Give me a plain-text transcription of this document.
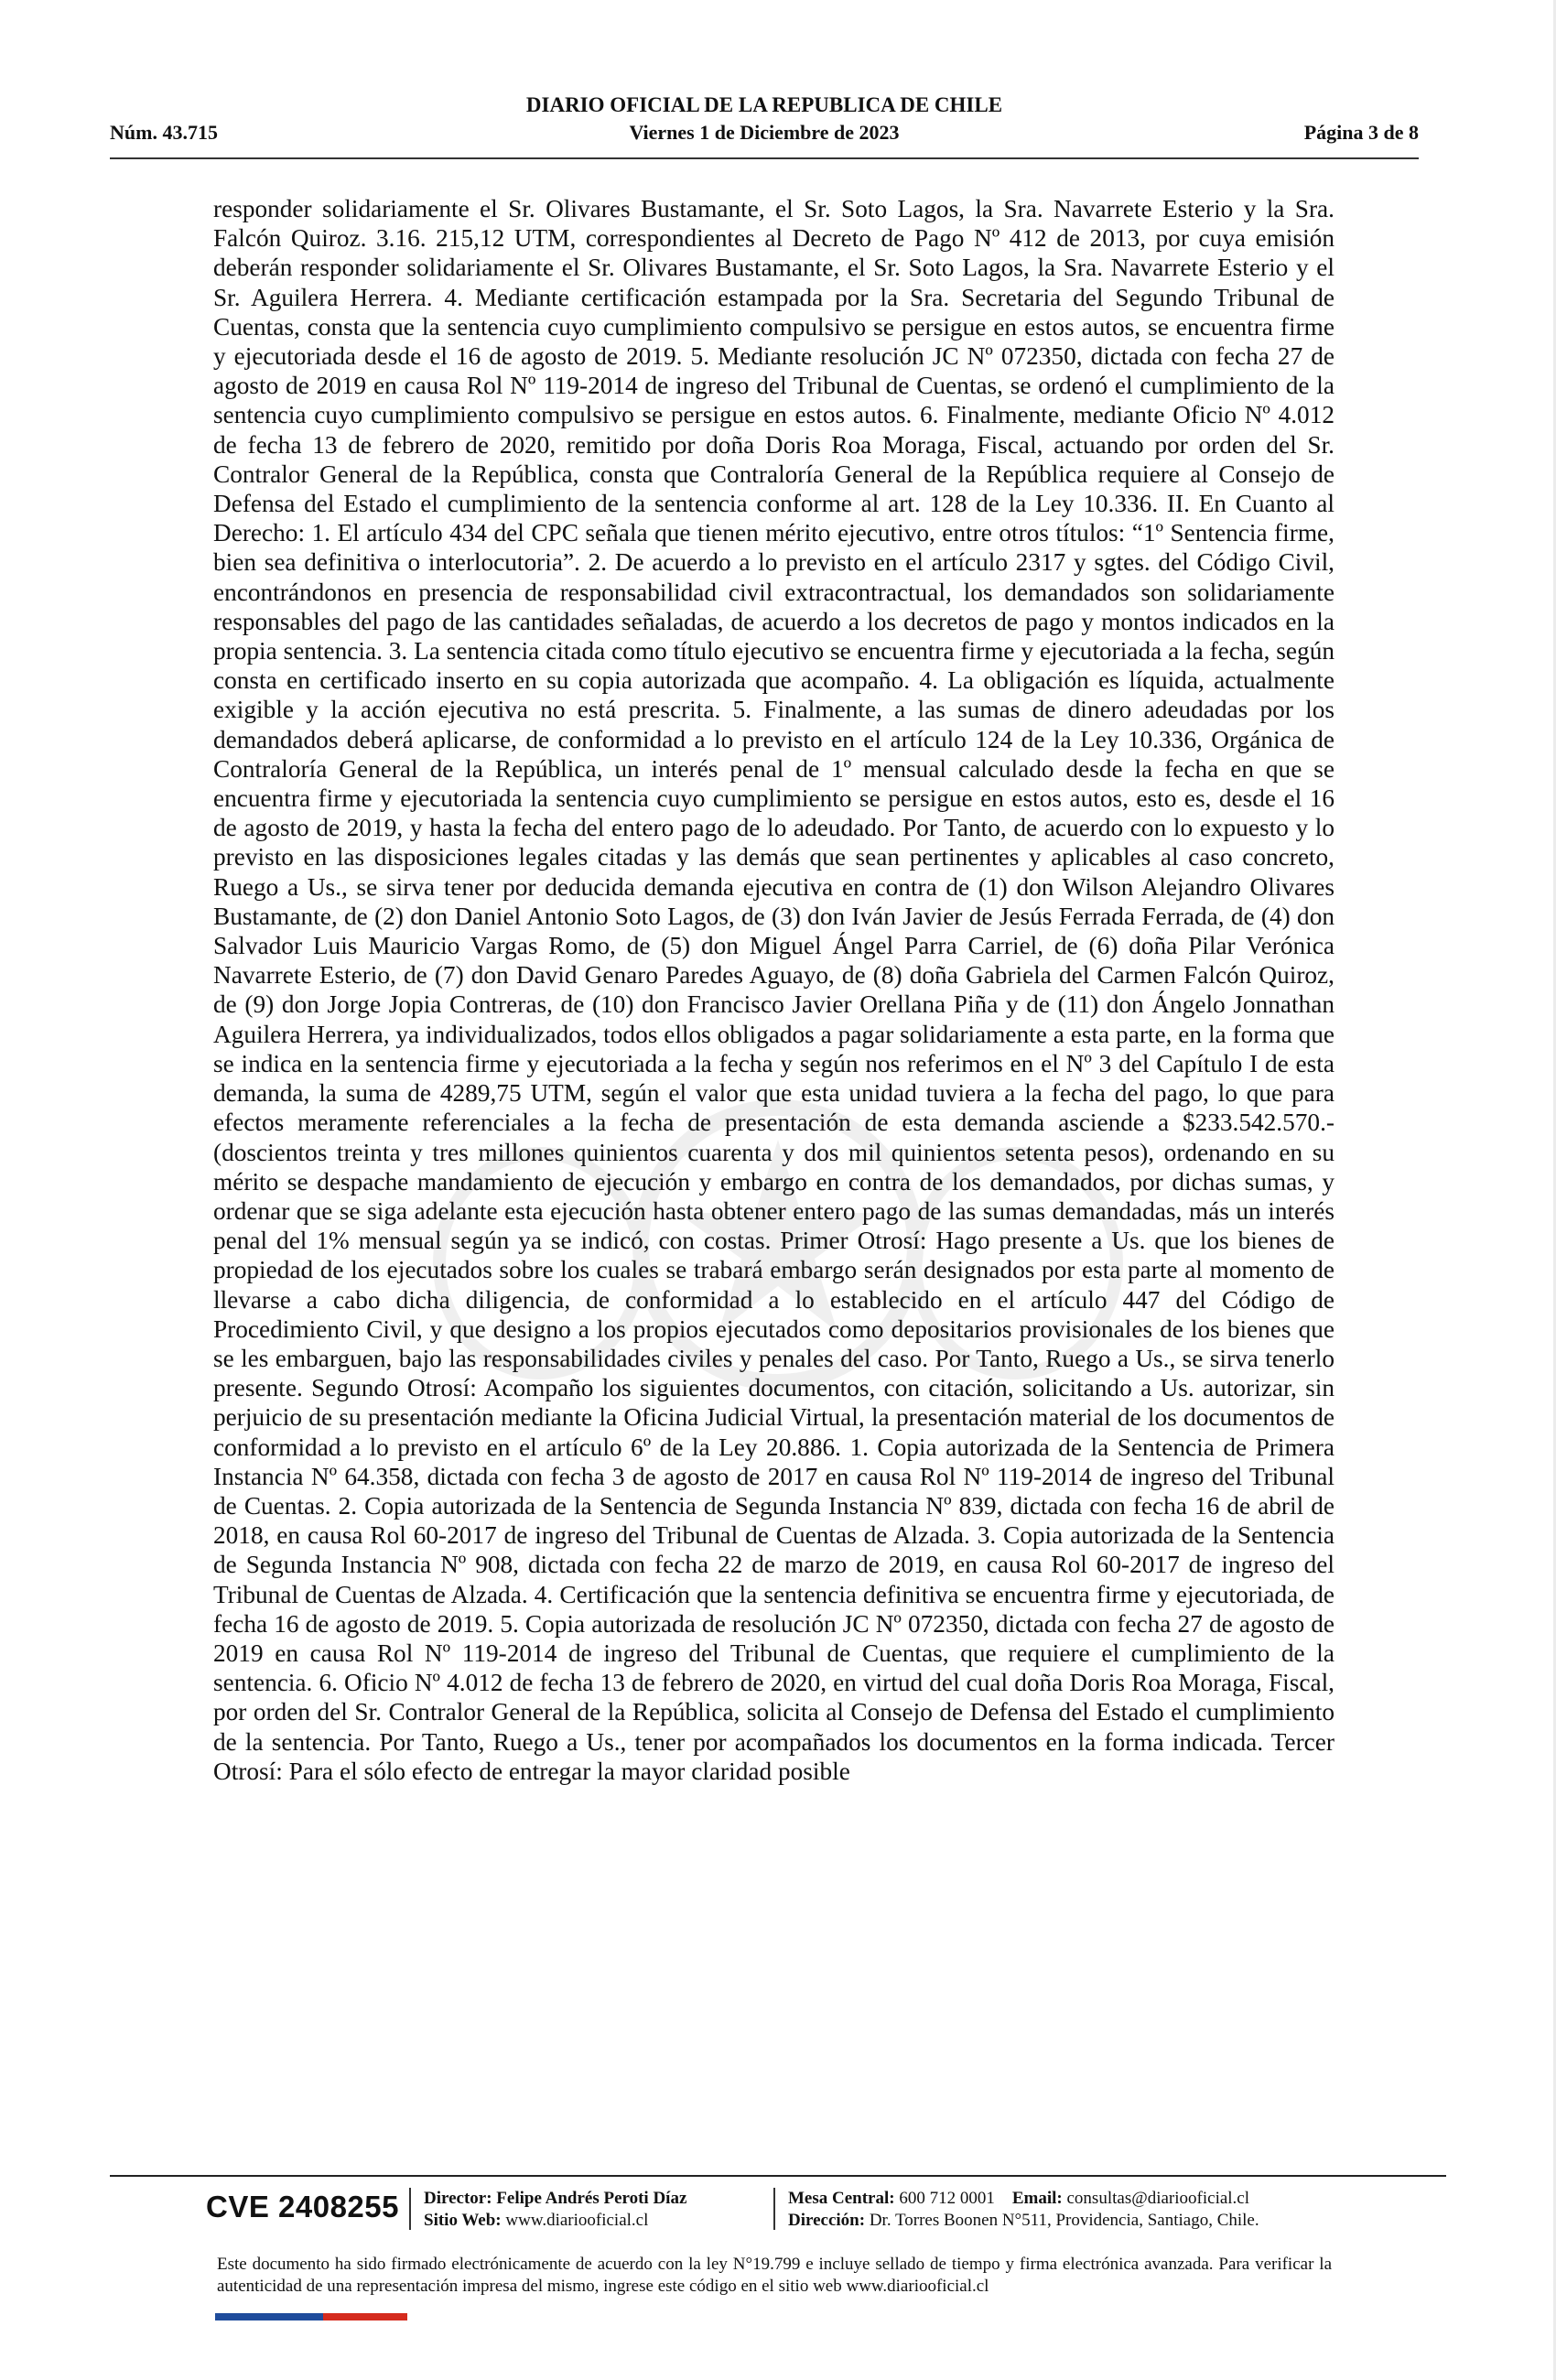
DIARIO OFICIAL DE LA REPUBLICA DE CHILE
Núm. 43.715	Viernes 1 de Diciembre de 2023	Página 3 de 8
responder solidariamente el Sr. Olivares Bustamante, el Sr. Soto Lagos, la Sra. Navarrete Esterio y la Sra. Falcón Quiroz. 3.16. 215,12 UTM, correspondientes al Decreto de Pago Nº 412 de 2013, por cuya emisión deberán responder solidariamente el Sr. Olivares Bustamante, el Sr. Soto Lagos, la Sra. Navarrete Esterio y el Sr. Aguilera Herrera. 4. Mediante certificación estampada por la Sra. Secretaria del Segundo Tribunal de Cuentas, consta que la sentencia cuyo cumplimiento compulsivo se persigue en estos autos, se encuentra firme y ejecutoriada desde el 16 de agosto de 2019. 5. Mediante resolución JC Nº 072350, dictada con fecha 27 de agosto de 2019 en causa Rol Nº 119-2014 de ingreso del Tribunal de Cuentas, se ordenó el cumplimiento de la sentencia cuyo cumplimiento compulsivo se persigue en estos autos. 6. Finalmente, mediante Oficio Nº 4.012 de fecha 13 de febrero de 2020, remitido por doña Doris Roa Moraga, Fiscal, actuando por orden del Sr. Contralor General de la República, consta que Contraloría General de la República requiere al Consejo de Defensa del Estado el cumplimiento de la sentencia conforme al art. 128 de la Ley 10.336. II. En Cuanto al Derecho: 1. El artículo 434 del CPC señala que tienen mérito ejecutivo, entre otros títulos: “1º Sentencia firme, bien sea definitiva o interlocutoria”. 2. De acuerdo a lo previsto en el artículo 2317 y sgtes. del Código Civil, encontrándonos en presencia de responsabilidad civil extracontractual, los demandados son solidariamente responsables del pago de las cantidades señaladas, de acuerdo a los decretos de pago y montos indicados en la propia sentencia. 3. La sentencia citada como título ejecutivo se encuentra firme y ejecutoriada a la fecha, según consta en certificado inserto en su copia autorizada que acompaño. 4. La obligación es líquida, actualmente exigible y la acción ejecutiva no está prescrita. 5. Finalmente, a las sumas de dinero adeudadas por los demandados deberá aplicarse, de conformidad a lo previsto en el artículo 124 de la Ley 10.336, Orgánica de Contraloría General de la República, un interés penal de 1º mensual calculado desde la fecha en que se encuentra firme y ejecutoriada la sentencia cuyo cumplimiento se persigue en estos autos, esto es, desde el 16 de agosto de 2019, y hasta la fecha del entero pago de lo adeudado. Por Tanto, de acuerdo con lo expuesto y lo previsto en las disposiciones legales citadas y las demás que sean pertinentes y aplicables al caso concreto, Ruego a Us., se sirva tener por deducida demanda ejecutiva en contra de (1) don Wilson Alejandro Olivares Bustamante, de (2) don Daniel Antonio Soto Lagos, de (3) don Iván Javier de Jesús Ferrada Ferrada, de (4) don Salvador Luis Mauricio Vargas Romo, de (5) don Miguel Ángel Parra Carriel, de (6) doña Pilar Verónica Navarrete Esterio, de (7) don David Genaro Paredes Aguayo, de (8) doña Gabriela del Carmen Falcón Quiroz, de (9) don Jorge Jopia Contreras, de (10) don Francisco Javier Orellana Piña y de (11) don Ángelo Jonnathan Aguilera Herrera, ya individualizados, todos ellos obligados a pagar solidariamente a esta parte, en la forma que se indica en la sentencia firme y ejecutoriada a la fecha y según nos referimos en el Nº 3 del Capítulo I de esta demanda, la suma de 4289,75 UTM, según el valor que esta unidad tuviera a la fecha del pago, lo que para efectos meramente referenciales a la fecha de presentación de esta demanda asciende a $233.542.570.- (doscientos treinta y tres millones quinientos cuarenta y dos mil quinientos setenta pesos), ordenando en su mérito se despache mandamiento de ejecución y embargo en contra de los demandados, por dichas sumas, y ordenar que se siga adelante esta ejecución hasta obtener entero pago de las sumas demandadas, más un interés penal del 1% mensual según ya se indicó, con costas. Primer Otrosí: Hago presente a Us. que los bienes de propiedad de los ejecutados sobre los cuales se trabará embargo serán designados por esta parte al momento de llevarse a cabo dicha diligencia, de conformidad a lo establecido en el artículo 447 del Código de Procedimiento Civil, y que designo a los propios ejecutados como depositarios provisionales de los bienes que se les embarguen, bajo las responsabilidades civiles y penales del caso. Por Tanto, Ruego a Us., se sirva tenerlo presente. Segundo Otrosí: Acompaño los siguientes documentos, con citación, solicitando a Us. autorizar, sin perjuicio de su presentación mediante la Oficina Judicial Virtual, la presentación material de los documentos de conformidad a lo previsto en el artículo 6º de la Ley 20.886. 1. Copia autorizada de la Sentencia de Primera Instancia Nº 64.358, dictada con fecha 3 de agosto de 2017 en causa Rol Nº 119-2014 de ingreso del Tribunal de Cuentas. 2. Copia autorizada de la Sentencia de Segunda Instancia Nº 839, dictada con fecha 16 de abril de 2018, en causa Rol 60-2017 de ingreso del Tribunal de Cuentas de Alzada. 3. Copia autorizada de la Sentencia de Segunda Instancia Nº 908, dictada con fecha 22 de marzo de 2019, en causa Rol 60-2017 de ingreso del Tribunal de Cuentas de Alzada. 4. Certificación que la sentencia definitiva se encuentra firme y ejecutoriada, de fecha 16 de agosto de 2019. 5. Copia autorizada de resolución JC Nº 072350, dictada con fecha 27 de agosto de 2019 en causa Rol Nº 119-2014 de ingreso del Tribunal de Cuentas, que requiere el cumplimiento de la sentencia. 6. Oficio Nº 4.012 de fecha 13 de febrero de 2020, en virtud del cual doña Doris Roa Moraga, Fiscal, por orden del Sr. Contralor General de la República, solicita al Consejo de Defensa del Estado el cumplimiento de la sentencia. Por Tanto, Ruego a Us., tener por acompañados los documentos en la forma indicada. Tercer Otrosí: Para el sólo efecto de entregar la mayor claridad posible
CVE 2408255 Director: Felipe Andrés Peroti Díaz
Sitio Web: www.diariooficial.cl
Mesa Central: 600 712 0001 Email: consultas@diariooficial.cl
Dirección: Dr. Torres Boonen N°511, Providencia, Santiago, Chile.
Este documento ha sido firmado electrónicamente de acuerdo con la ley N°19.799 e incluye sellado de tiempo y firma electrónica avanzada. Para verificar la autenticidad de una representación impresa del mismo, ingrese este código en el sitio web www.diariooficial.cl
